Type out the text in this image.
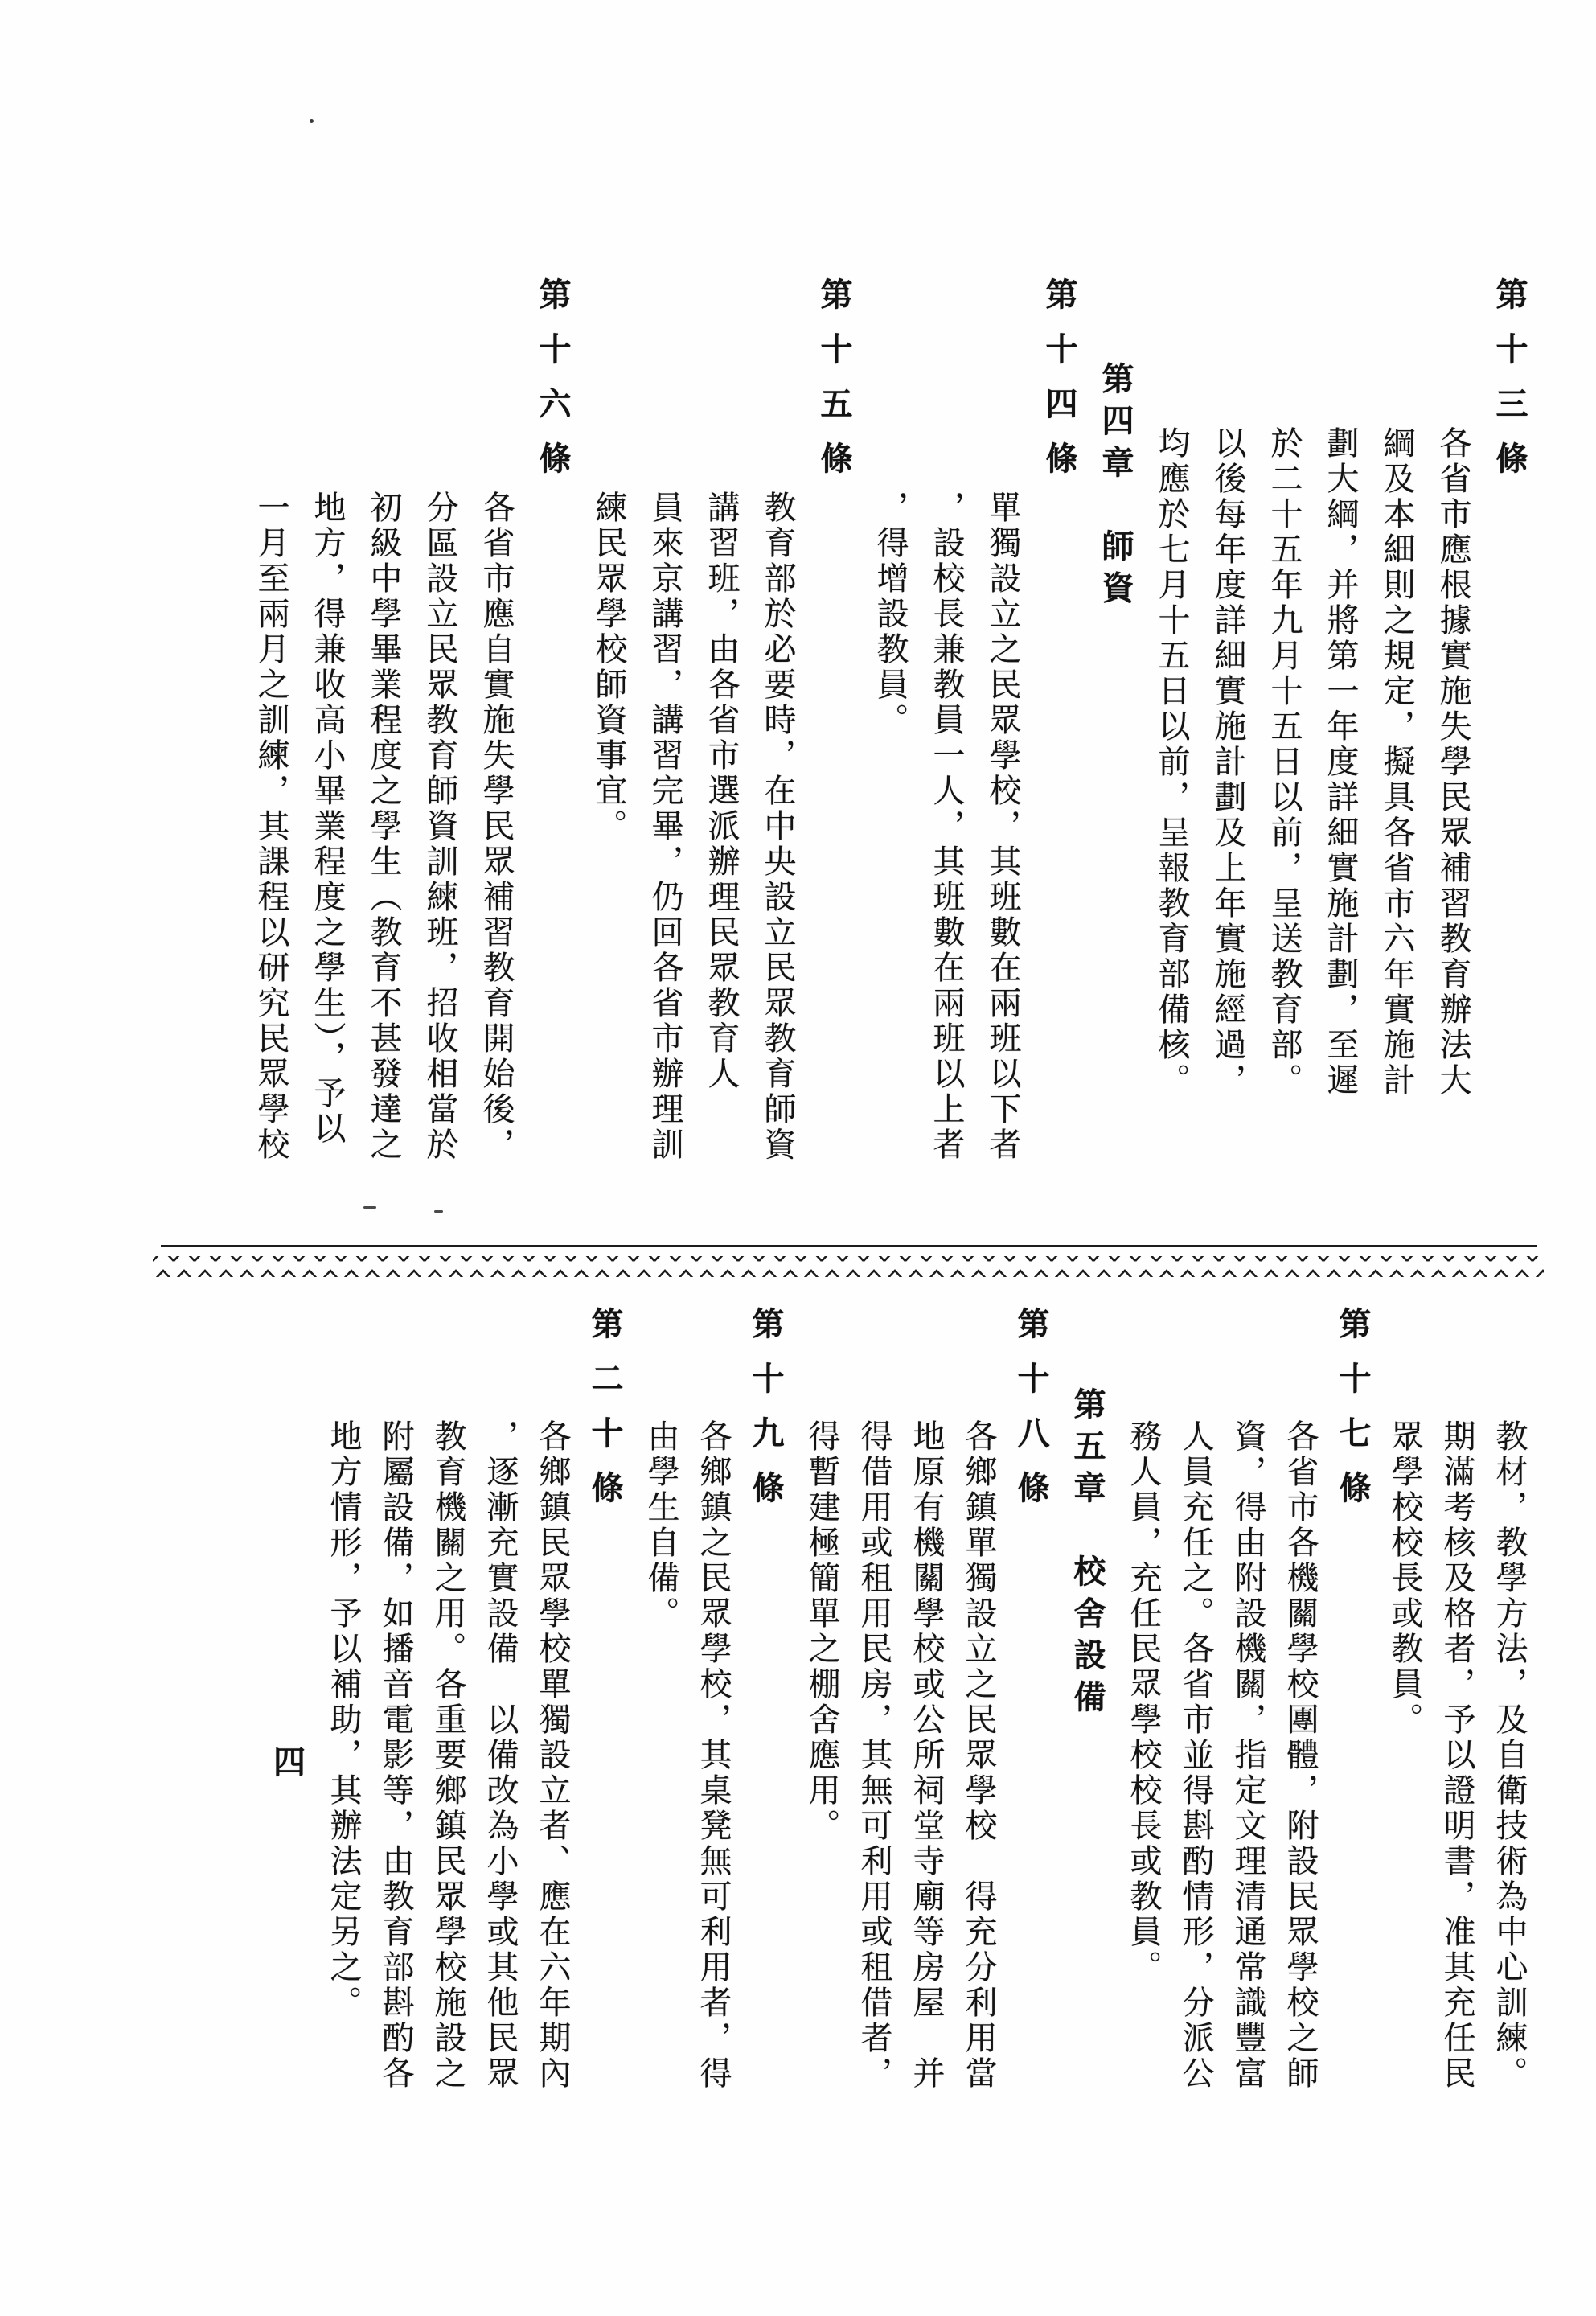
第十三條
各省市應根據實施失學民眾補習教育辦法大
綱及本細則之規定，擬具各省市六年實施計
劃大綱，并將第一年度詳細實施計劃，至遲
於二十五年九月十五日以前，呈送教育部。
以後每年度詳細實施計劃及上年實施經過，
均應於七月十五日以前，呈報教育部備核。
第四章　師資
第十四條
單獨設立之民眾學校，其班數在兩班以下者
，設校長兼教員一人，其班數在兩班以上者
，得增設教員。
第十五條
教育部於必要時，在中央設立民眾教育師資
講習班，由各省市選派辦理民眾教育人
員來京講習，講習完畢，仍回各省市辦理訓
練民眾學校師資事宜。
第十六條
各省市應自實施失學民眾補習教育開始後，
分區設立民眾教育師資訓練班，招收相當於
初級中學畢業程度之學生（教育不甚發達之
地方，得兼收高小畢業程度之學生），予以
一月至兩月之訓練，其課程以研究民眾學校
教材，教學方法，及自衛技術為中心訓練。
期滿考核及格者，予以證明書，准其充任民
眾學校校長或教員。
第十七條
各省市各機關學校團體，附設民眾學校之師
資，得由附設機關，指定文理清通常識豐富
人員充任之。各省市並得斟酌情形，分派公
務人員，充任民眾學校校長或教員。
第五章　校舍設備
第十八條
各鄉鎮單獨設立之民眾學校　得充分利用當
地原有機關學校或公所祠堂寺廟等房屋　并
得借用或租用民房，其無可利用或租借者，
得暫建極簡單之棚舍應用。
第十九條
各鄉鎮之民眾學校，其桌凳無可利用者，得
由學生自備。
第二十條
各鄉鎮民眾學校單獨設立者、應在六年期內
，逐漸充實設備　以備改為小學或其他民眾
教育機關之用。各重要鄉鎮民眾學校施設之
附屬設備，如播音電影等，由教育部斟酌各
地方情形，予以補助，其辦法定另之。
四
